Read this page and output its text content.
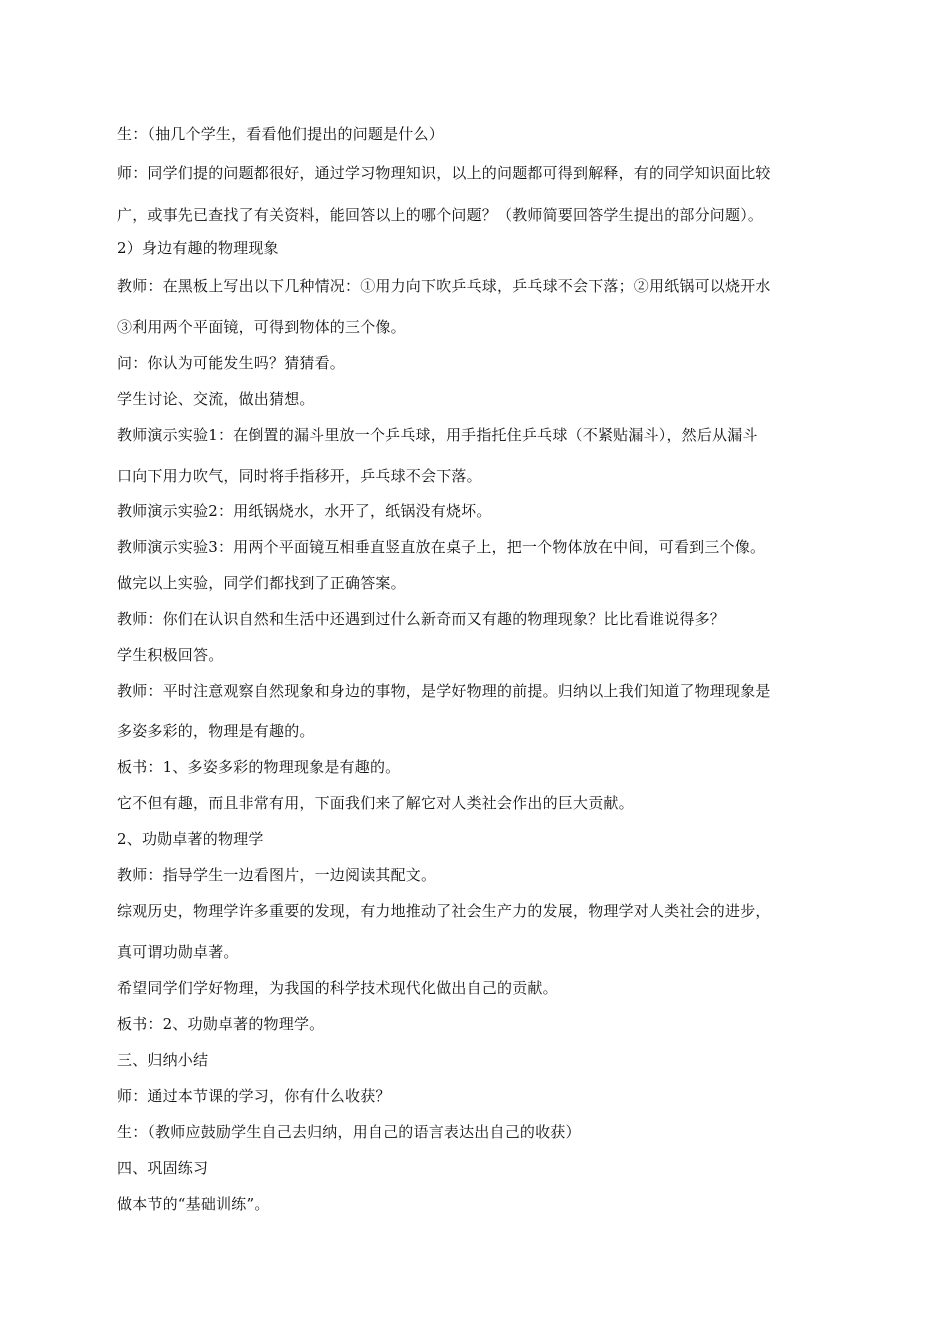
生：（抽几个学生，看看他们提出的问题是什么）
师：同学们提的问题都很好，通过学习物理知识，以上的问题都可得到解释，有的同学知识面比较
广，或事先已查找了有关资料，能回答以上的哪个问题？（教师简要回答学生提出的部分问题）。
2）身边有趣的物理现象
教师：在黑板上写出以下几种情况：①用力向下吹乒乓球，乒乓球不会下落；②用纸锅可以烧开水
③利用两个平面镜，可得到物体的三个像。
问：你认为可能发生吗？猜猜看。
学生讨论、交流，做出猜想。
教师演示实验1：在倒置的漏斗里放一个乒乓球，用手指托住乒乓球（不紧贴漏斗），然后从漏斗
口向下用力吹气，同时将手指移开，乒乓球不会下落。
教师演示实验2：用纸锅烧水，水开了，纸锅没有烧坏。
教师演示实验3：用两个平面镜互相垂直竖直放在桌子上，把一个物体放在中间，可看到三个像。
做完以上实验，同学们都找到了正确答案。
教师：你们在认识自然和生活中还遇到过什么新奇而又有趣的物理现象？比比看谁说得多？
学生积极回答。
教师：平时注意观察自然现象和身边的事物，是学好物理的前提。归纳以上我们知道了物理现象是
多姿多彩的，物理是有趣的。
板书：1、多姿多彩的物理现象是有趣的。
它不但有趣，而且非常有用，下面我们来了解它对人类社会作出的巨大贡献。
2、功勋卓著的物理学
教师：指导学生一边看图片，一边阅读其配文。
综观历史，物理学许多重要的发现，有力地推动了社会生产力的发展，物理学对人类社会的进步，
真可谓功勋卓著。
希望同学们学好物理，为我国的科学技术现代化做出自己的贡献。
板书：2、功勋卓著的物理学。
三、归纳小结
师：通过本节课的学习，你有什么收获？
生：（教师应鼓励学生自己去归纳，用自己的语言表达出自己的收获）
四、巩固练习
做本节的“基础训练”。
